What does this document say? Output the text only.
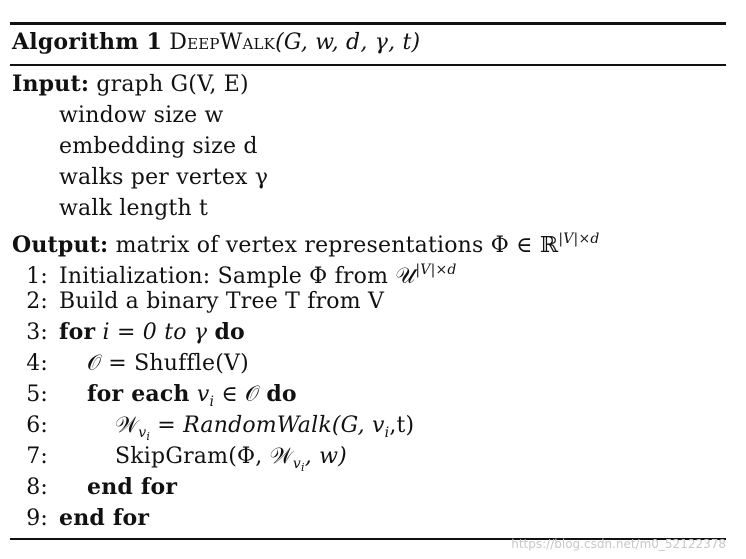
Algorithm 1 DeepWalk(G, w, d, γ, t)
Input: graph G(V, E)
window size w
embedding size d
walks per vertex γ
walk length t
Output: matrix of vertex representations Φ ∈ ℝ$^{|V|\times d}$
1: Initialization: Sample Φ from 𝒰$^{|V|\times d}$
2: Build a binary Tree T from V
3: for i = 0 to γ do
4: 𝒪 = Shuffle(V)
5: for each $v_i$ ∈ 𝒪 do
6:	𝒲$_{v_i}$ = RandomWalk(G, $v_i,t$)
7:	SkipGram(Φ, 𝒲$_{v_i}$, w)
8: end for
9: end for
https://blog.csdn.net/m0_52122378
